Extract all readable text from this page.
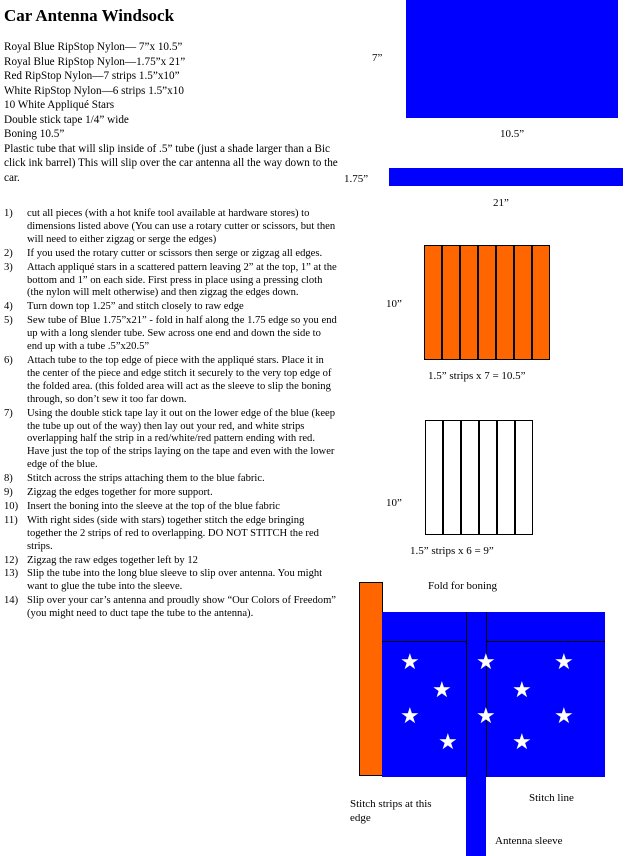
Car Antenna Windsock
Royal Blue RipStop Nylon— 7”x 10.5”
Royal Blue RipStop Nylon—1.75”x 21”
Red RipStop Nylon—7 strips 1.5”x10”
White RipStop Nylon—6 strips 1.5”x10
10 White Appliqué Stars
Double stick tape 1/4” wide
Boning 10.5”
Plastic tube that will slip inside of .5” tube (just a shade larger than a Bic click ink barrel) This will slip over the car antenna all the way down to the car.
1) cut all pieces (with a hot knife tool available at hardware stores) to dimensions listed above (You can use a rotary cutter or scissors, but then will need to either zigzag or serge the edges)
2) If you used the rotary cutter or scissors then serge or zigzag all edges.
3) Attach appliqué stars in a scattered pattern leaving 2” at the top, 1” at the bottom and 1” on each side. First press in place using a pressing cloth (the nylon will melt otherwise) and then zigzag the edges down.
4) Turn down top 1.25” and stitch closely to raw edge
5) Sew tube of Blue 1.75”x21” - fold in half along the 1.75 edge so you end up with a long slender tube. Sew across one end and down the side to end up with a tube .5”x20.5”
6) Attach tube to the top edge of piece with the appliqué stars. Place it in the center of the piece and edge stitch it securely to the very top edge of the folded area. (this folded area will act as the sleeve to slip the boning through, so don’t sew it too far down.
7) Using the double stick tape lay it out on the lower edge of the blue (keep the tube up out of the way) then lay out your red, and white strips overlapping half the strip in a red/white/red pattern ending with red. Have just the top of the strips laying on the tape and even with the lower edge of the blue.
8) Stitch across the strips attaching them to the blue fabric.
9) Zigzag the edges together for more support.
10) Insert the boning into the sleeve at the top of the blue fabric
11) With right sides (side with stars) together stitch the edge bringing together the 2 strips of red to overlapping. DO NOT STITCH the red strips.
12) Zigzag the raw edges together left by 12
13) Slip the tube into the long blue sleeve to slip over antenna. You might want to glue the tube into the sleeve.
14) Slip over your car’s antenna and proudly show “Our Colors of Freedom” (you might need to duct tape the tube to the antenna).
7”
10.5”
1.75”
21”
10”
1.5” strips x 7 = 10.5”
10”
1.5” strips x 6 = 9”
Fold for boning
★	★	★
★	★
★	★	★
★ ★
Stitch strips at this edge
Stitch line
Antenna sleeve
